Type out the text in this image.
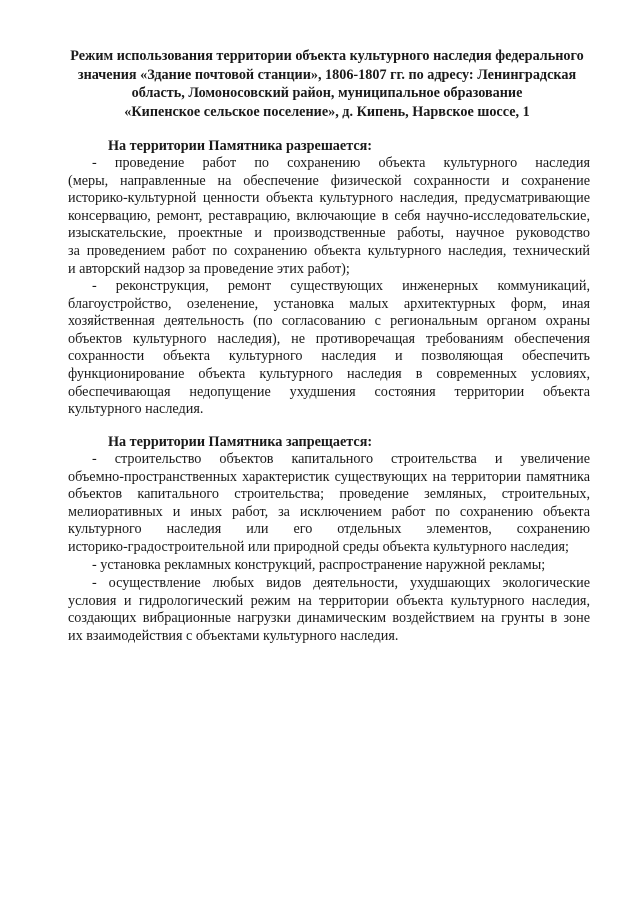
Режим использования территории объекта культурного наследия федерального
значения «Здание почтовой станции», 1806-1807 гг. по адресу: Ленинградская
область, Ломоносовский район, муниципальное образование
«Кипенское сельское поселение», д. Кипень, Нарвское шоссе, 1
На территории Памятника разрешается:
- проведение работ по сохранению объекта культурного наследия
(меры, направленные на обеспечение физической сохранности и сохранение
историко-культурной ценности объекта культурного наследия, предусматривающие
консервацию, ремонт, реставрацию, включающие в себя научно-исследовательские,
изыскательские, проектные и производственные работы, научное руководство
за проведением работ по сохранению объекта культурного наследия, технический
и авторский надзор за проведение этих работ);
- реконструкция, ремонт существующих инженерных коммуникаций,
благоустройство, озеленение, установка малых архитектурных форм, иная
хозяйственная деятельность (по согласованию с региональным органом охраны
объектов культурного наследия), не противоречащая требованиям обеспечения
сохранности объекта культурного наследия и позволяющая обеспечить
функционирование объекта культурного наследия в современных условиях,
обеспечивающая недопущение ухудшения состояния территории объекта
культурного наследия.
На территории Памятника запрещается:
- строительство объектов капитального строительства и увеличение
объемно-пространственных характеристик существующих на территории памятника
объектов капитального строительства; проведение земляных, строительных,
мелиоративных и иных работ, за исключением работ по сохранению объекта
культурного наследия или его отдельных элементов, сохранению
историко-градостроительной или природной среды объекта культурного наследия;
- установка рекламных конструкций, распространение наружной рекламы;
- осуществление любых видов деятельности, ухудшающих экологические
условия и гидрологический режим на территории объекта культурного наследия,
создающих вибрационные нагрузки динамическим воздействием на грунты в зоне
их взаимодействия с объектами культурного наследия.
